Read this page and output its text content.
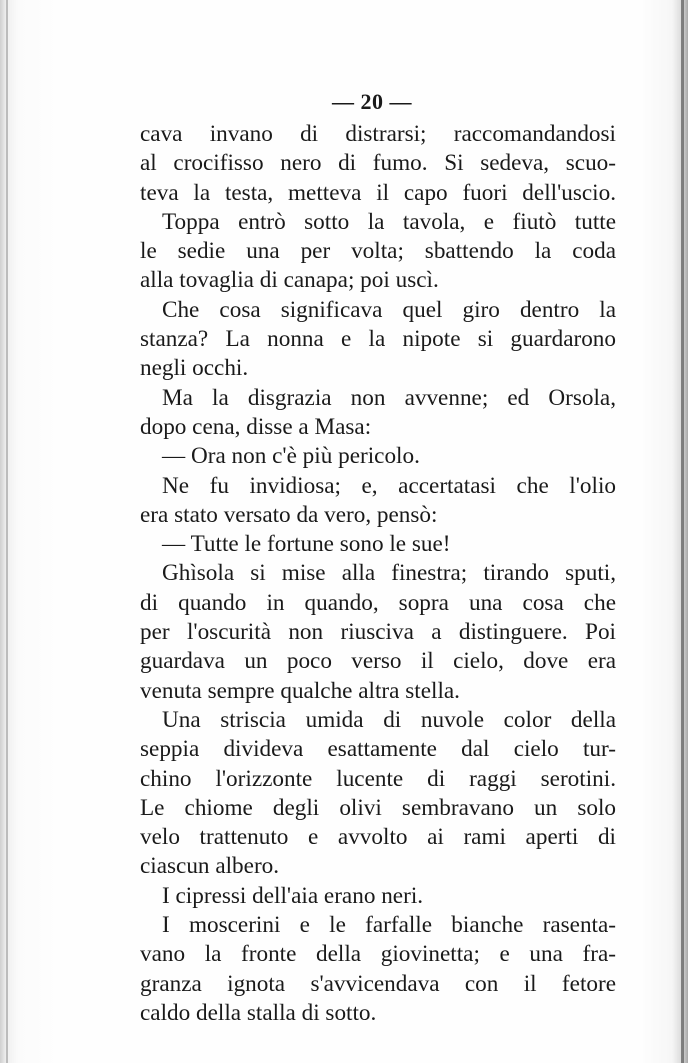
— 20 —
cava invano di distrarsi; raccomandandosi
al crocifisso nero di fumo. Si sedeva, scuo-
teva la testa, metteva il capo fuori dell'uscio.
Toppa entrò sotto la tavola, e fiutò tutte
le sedie una per volta; sbattendo la coda
alla tovaglia di canapa; poi uscì.
Che cosa significava quel giro dentro la
stanza? La nonna e la nipote si guardarono
negli occhi.
Ma la disgrazia non avvenne; ed Orsola,
dopo cena, disse a Masa:
— Ora non c'è più pericolo.
Ne fu invidiosa; e, accertatasi che l'olio
era stato versato da vero, pensò:
— Tutte le fortune sono le sue!
Ghìsola si mise alla finestra; tirando sputi,
di quando in quando, sopra una cosa che
per l'oscurità non riusciva a distinguere. Poi
guardava un poco verso il cielo, dove era
venuta sempre qualche altra stella.
Una striscia umida di nuvole color della
seppia divideva esattamente dal cielo tur-
chino l'orizzonte lucente di raggi serotini.
Le chiome degli olivi sembravano un solo
velo trattenuto e avvolto ai rami aperti di
ciascun albero.
I cipressi dell'aia erano neri.
I moscerini e le farfalle bianche rasenta-
vano la fronte della giovinetta; e una fra-
granza ignota s'avvicendava con il fetore
caldo della stalla di sotto.
